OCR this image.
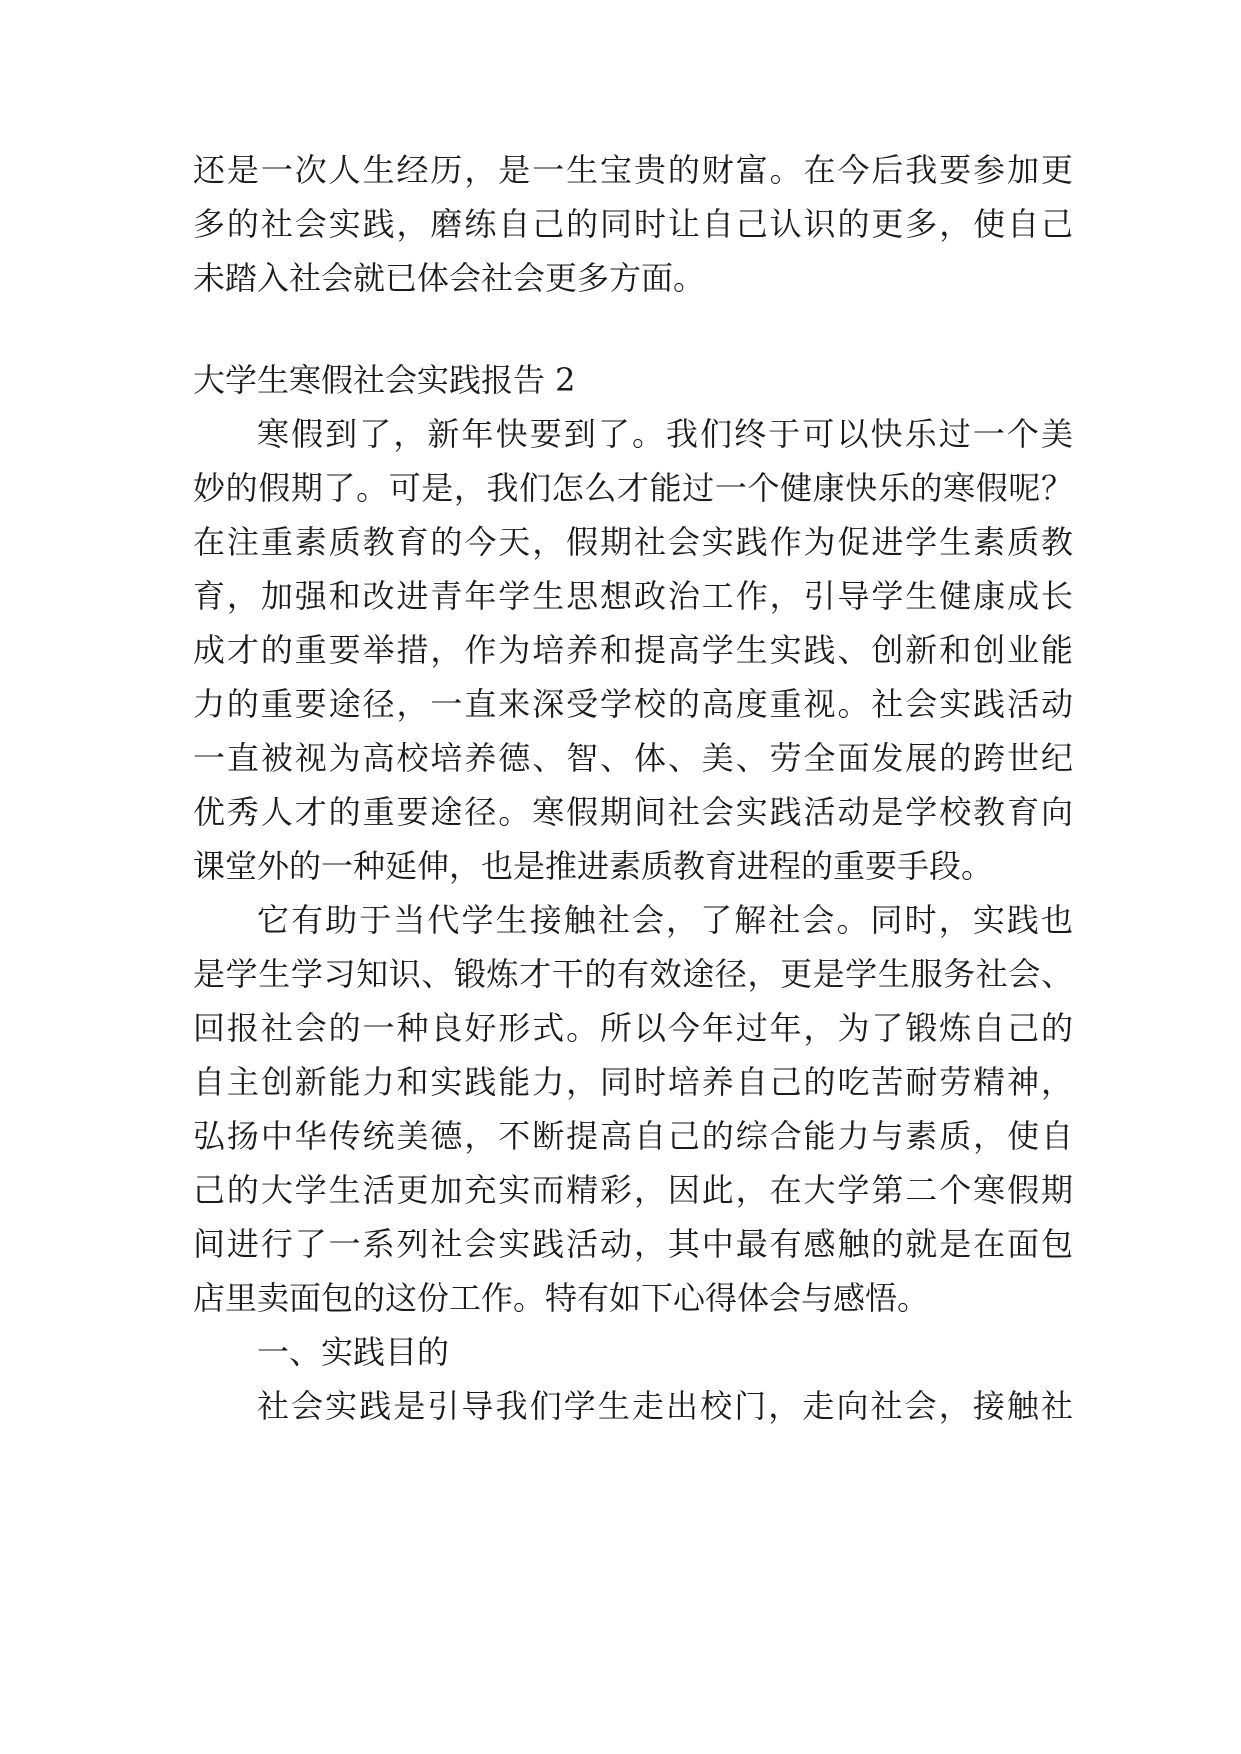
还是一次人生经历，是一生宝贵的财富。在今后我要参加更
多的社会实践，磨练自己的同时让自己认识的更多，使自己
未踏入社会就已体会社会更多方面。
大学生寒假社会实践报告 2
寒假到了，新年快要到了。我们终于可以快乐过一个美
妙的假期了。可是，我们怎么才能过一个健康快乐的寒假呢？
在注重素质教育的今天，假期社会实践作为促进学生素质教
育，加强和改进青年学生思想政治工作，引导学生健康成长
成才的重要举措，作为培养和提高学生实践、创新和创业能
力的重要途径，一直来深受学校的高度重视。社会实践活动
一直被视为高校培养德、智、体、美、劳全面发展的跨世纪
优秀人才的重要途径。寒假期间社会实践活动是学校教育向
课堂外的一种延伸，也是推进素质教育进程的重要手段。
它有助于当代学生接触社会，了解社会。同时，实践也
是学生学习知识、锻炼才干的有效途径，更是学生服务社会、
回报社会的一种良好形式。所以今年过年，为了锻炼自己的
自主创新能力和实践能力，同时培养自己的吃苦耐劳精神，
弘扬中华传统美德，不断提高自己的综合能力与素质，使自
己的大学生活更加充实而精彩，因此，在大学第二个寒假期
间进行了一系列社会实践活动，其中最有感触的就是在面包
店里卖面包的这份工作。特有如下心得体会与感悟。
一、实践目的
社会实践是引导我们学生走出校门，走向社会，接触社
